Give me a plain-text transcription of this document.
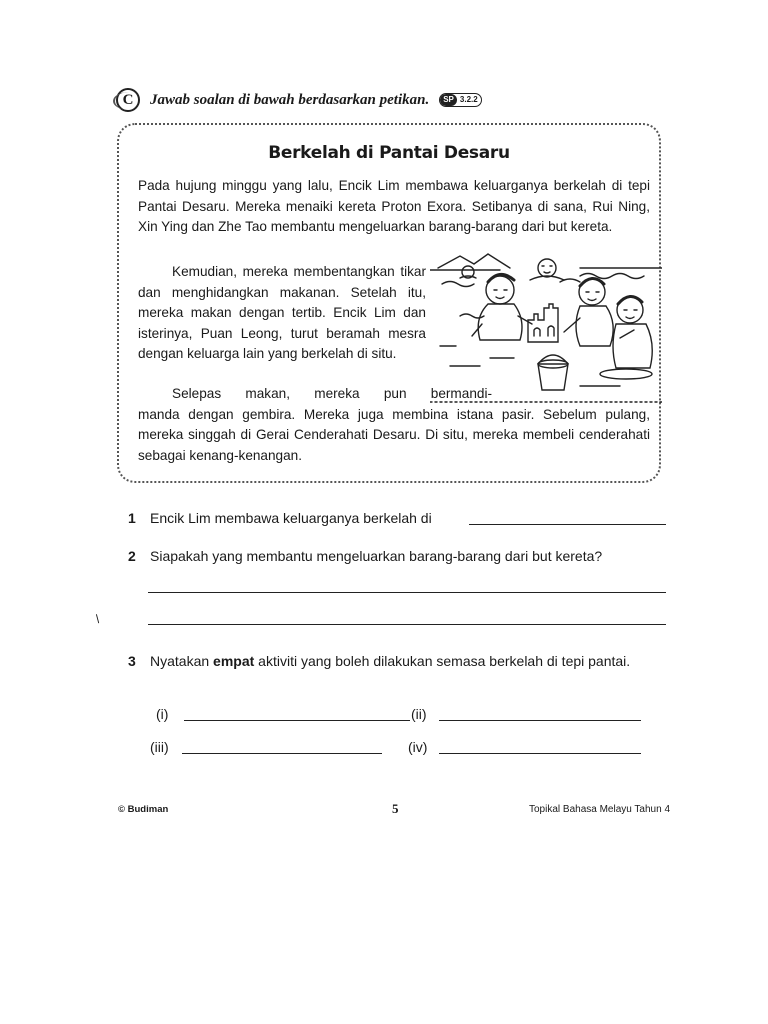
C Jawab soalan di bawah berdasarkan petikan.	SP 3.2.2
Berkelah di Pantai Desaru

Pada hujung minggu yang lalu, Encik Lim membawa keluarganya berkelah di tepi Pantai Desaru. Mereka menaiki kereta Proton Exora. Setibanya di sana, Rui Ning, Xin Ying dan Zhe Tao membantu mengeluarkan barang-barang dari but kereta.

Kemudian, mereka membentangkan tikar dan menghidangkan makanan. Setelah itu, mereka makan dengan tertib. Encik Lim dan isterinya, Puan Leong, turut beramah mesra dengan keluarga lain yang berkelah di situ.

Selepas makan, mereka pun bermandi-
manda dengan gembira. Mereka juga membina istana pasir. Sebelum pulang, mereka singgah di Gerai Cenderahati Desaru. Di situ, mereka membeli cenderahati sebagai kenang-kenangan.

1 Encik Lim membawa keluarganya berkelah di
2 Siapakah yang membantu mengeluarkan barang-barang dari but kereta?
/
3 Nyatakan empat aktiviti yang boleh dilakukan semasa berkelah di tepi pantai.
(i)	(ii)
(iii)	(iv)
© Budiman	5	Topikal Bahasa Melayu Tahun 4
